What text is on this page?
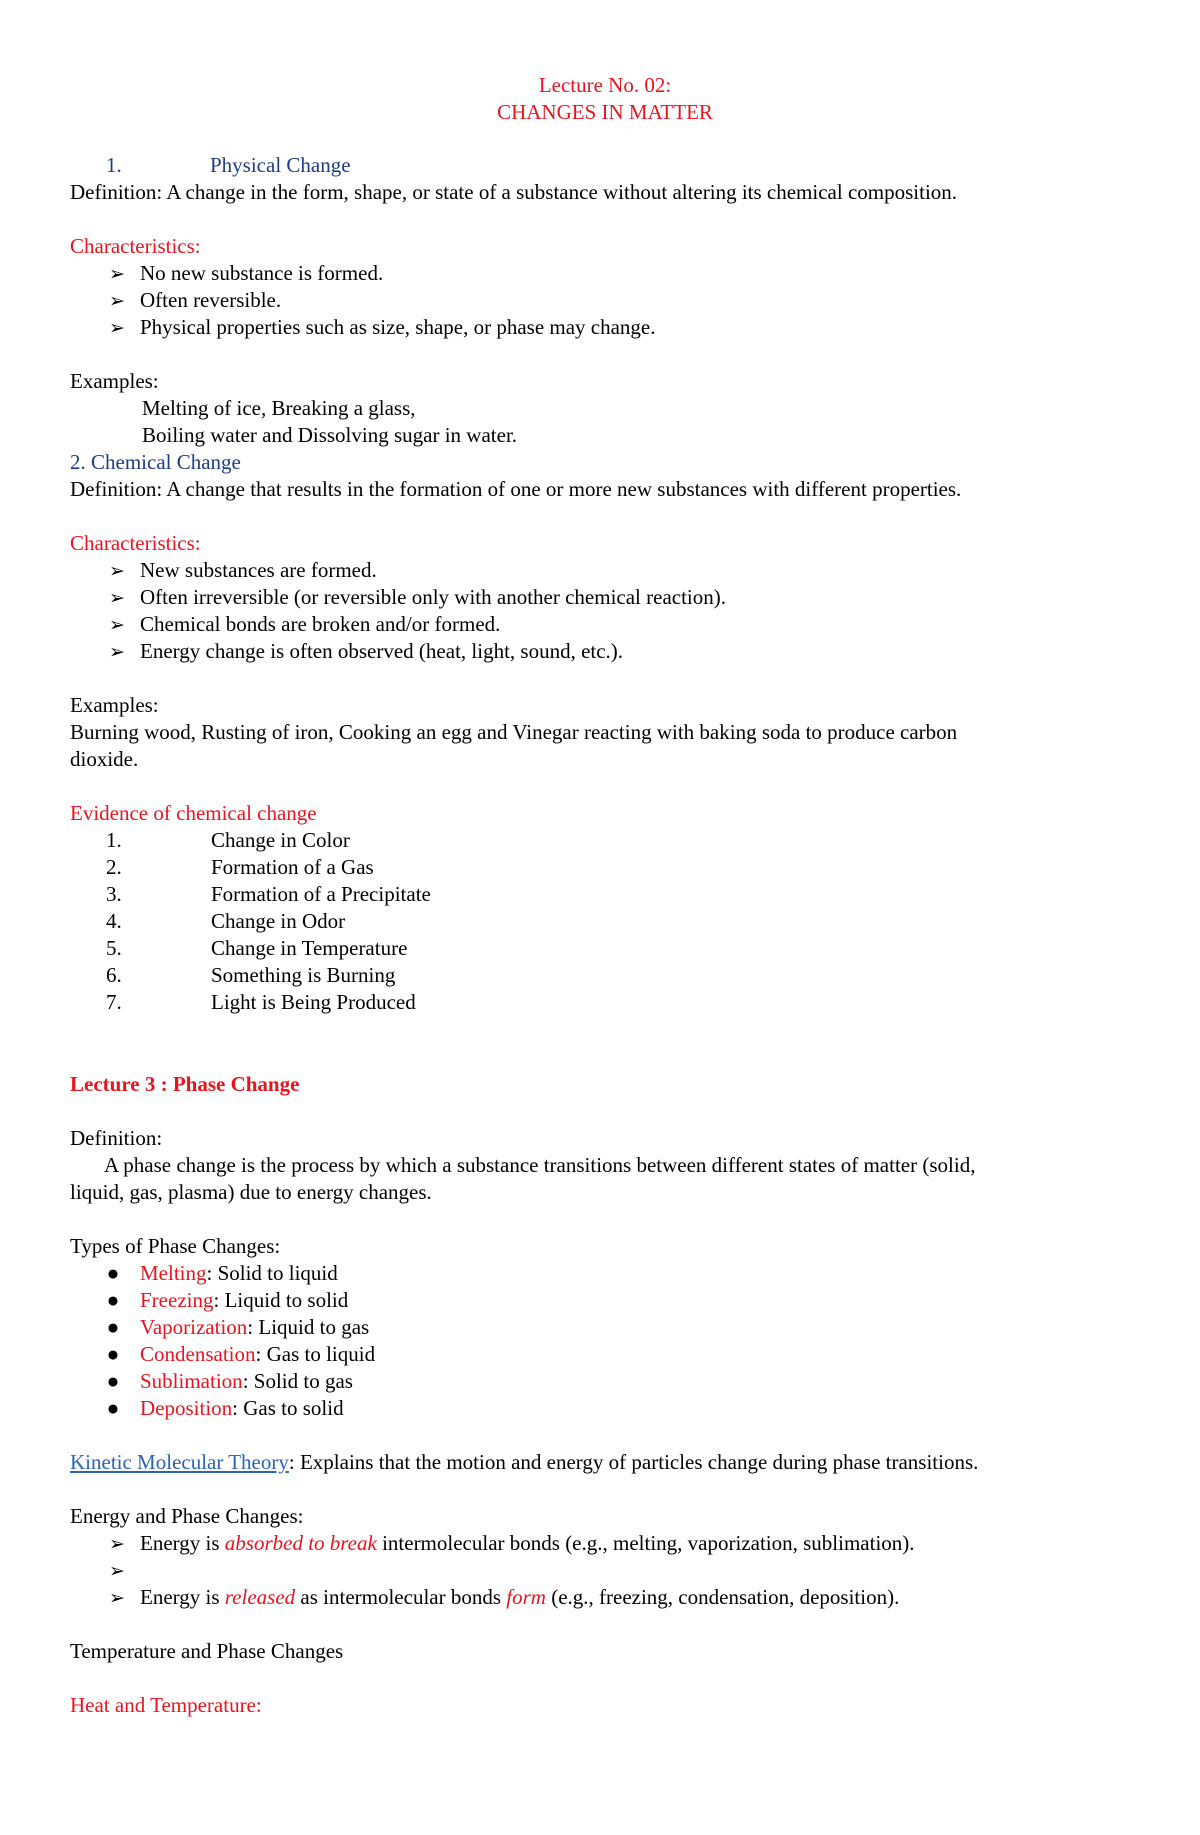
Lecture No. 02:
CHANGES IN MATTER
1.	Physical Change
Definition: A change in the form, shape, or state of a substance without altering its chemical composition.
Characteristics:
➢ No new substance is formed.
➢ Often reversible.
➢ Physical properties such as size, shape, or phase may change.
Examples:
Melting of ice, Breaking a glass,
Boiling water and Dissolving sugar in water.
2. Chemical Change
Definition: A change that results in the formation of one or more new substances with different properties.
Characteristics:
➢ New substances are formed.
➢ Often irreversible (or reversible only with another chemical reaction).
➢ Chemical bonds are broken and/or formed.
➢ Energy change is often observed (heat, light, sound, etc.).
Examples:
Burning wood, Rusting of iron, Cooking an egg and Vinegar reacting with baking soda to produce carbon
dioxide.
Evidence of chemical change
1.	Change in Color
2.	Formation of a Gas
3.	Formation of a Precipitate
4.	Change in Odor
5.	Change in Temperature
6.	Something is Burning
7.	Light is Being Produced
Lecture 3 : Phase Change
Definition:
A phase change is the process by which a substance transitions between different states of matter (solid,
liquid, gas, plasma) due to energy changes.
Types of Phase Changes:
● Melting: Solid to liquid
● Freezing: Liquid to solid
● Vaporization: Liquid to gas
● Condensation: Gas to liquid
● Sublimation: Solid to gas
● Deposition: Gas to solid
Kinetic Molecular Theory: Explains that the motion and energy of particles change during phase transitions.
Energy and Phase Changes:
➢ Energy is absorbed to break intermolecular bonds (e.g., melting, vaporization, sublimation).
➢
➢ Energy is released as intermolecular bonds form (e.g., freezing, condensation, deposition).
Temperature and Phase Changes
Heat and Temperature:
